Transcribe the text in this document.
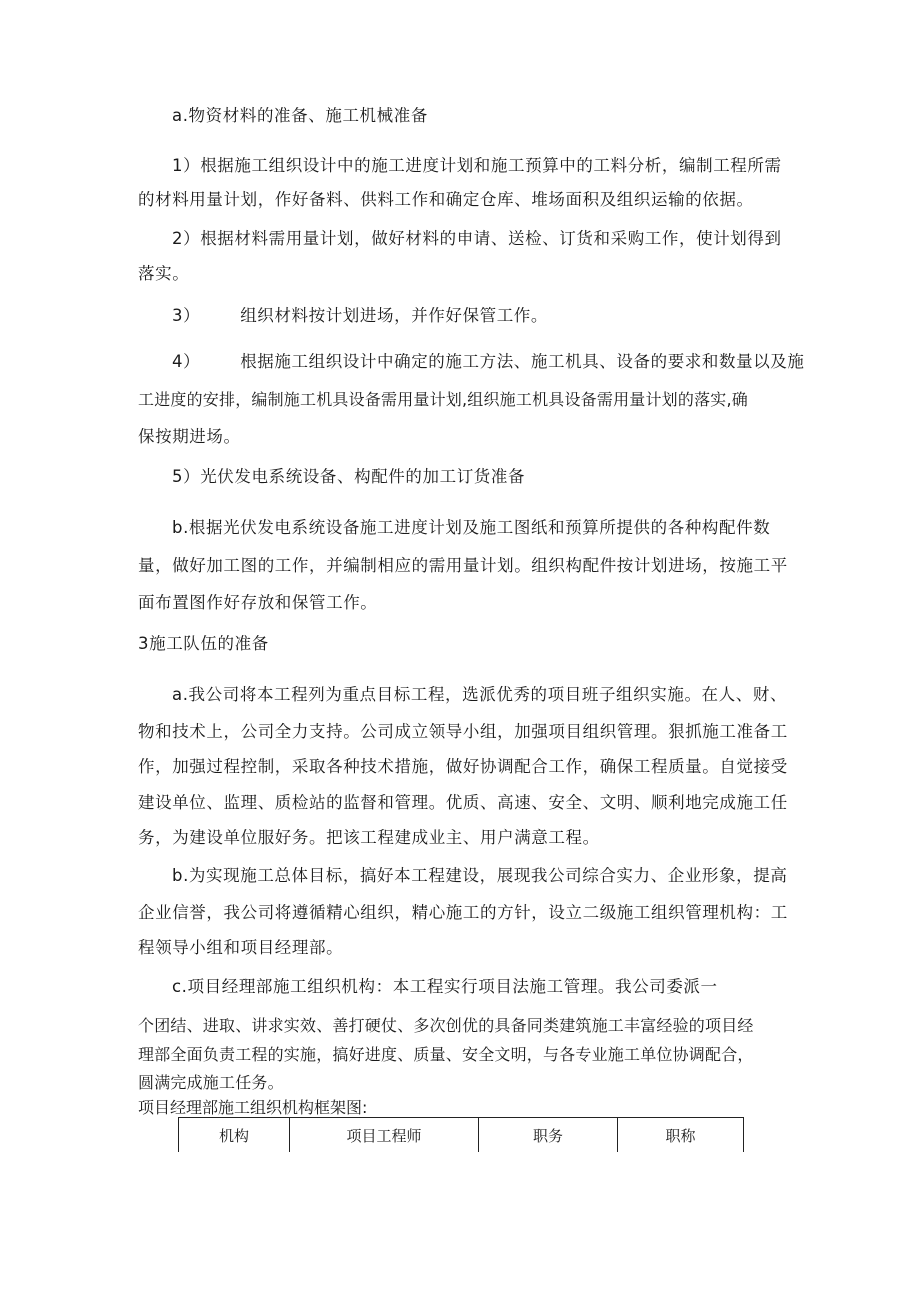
a.物资材料的准备、施工机械准备
1）根据施工组织设计中的施工进度计划和施工预算中的工料分析，编制工程所需
的材料用量计划，作好备料、供料工作和确定仓库、堆场面积及组织运输的依据。
2）根据材料需用量计划，做好材料的申请、送检、订货和采购工作，使计划得到
落实。
3） 组织材料按计划进场，并作好保管工作。
4） 根据施工组织设计中确定的施工方法、施工机具、设备的要求和数量以及施
工进度的安排，编制施工机具设备需用量计划,组织施工机具设备需用量计划的落实,确
保按期进场。
5）光伏发电系统设备、构配件的加工订货准备
b.根据光伏发电系统设备施工进度计划及施工图纸和预算所提供的各种构配件数
量，做好加工图的工作，并编制相应的需用量计划。组织构配件按计划进场，按施工平
面布置图作好存放和保管工作。
3施工队伍的准备
a.我公司将本工程列为重点目标工程，选派优秀的项目班子组织实施。在人、财、
物和技术上，公司全力支持。公司成立领导小组，加强项目组织管理。狠抓施工准备工
作，加强过程控制，采取各种技术措施，做好协调配合工作，确保工程质量。自觉接受
建设单位、监理、质检站的监督和管理。优质、高速、安全、文明、顺利地完成施工任
务，为建设单位服好务。把该工程建成业主、用户满意工程。
b.为实现施工总体目标，搞好本工程建设，展现我公司综合实力、企业形象，提高
企业信誉，我公司将遵循精心组织，精心施工的方针，设立二级施工组织管理机构：工
程领导小组和项目经理部。
c.项目经理部施工组织机构：本工程实行项目法施工管理。我公司委派一
个团结、进取、讲求实效、善打硬仗、多次创优的具备同类建筑施工丰富经验的项目经
理部全面负责工程的实施，搞好进度、质量、安全文明，与各专业施工单位协调配合，
圆满完成施工任务。
项目经理部施工组织机构框架图:
机构	项目工程师	职务	职称
